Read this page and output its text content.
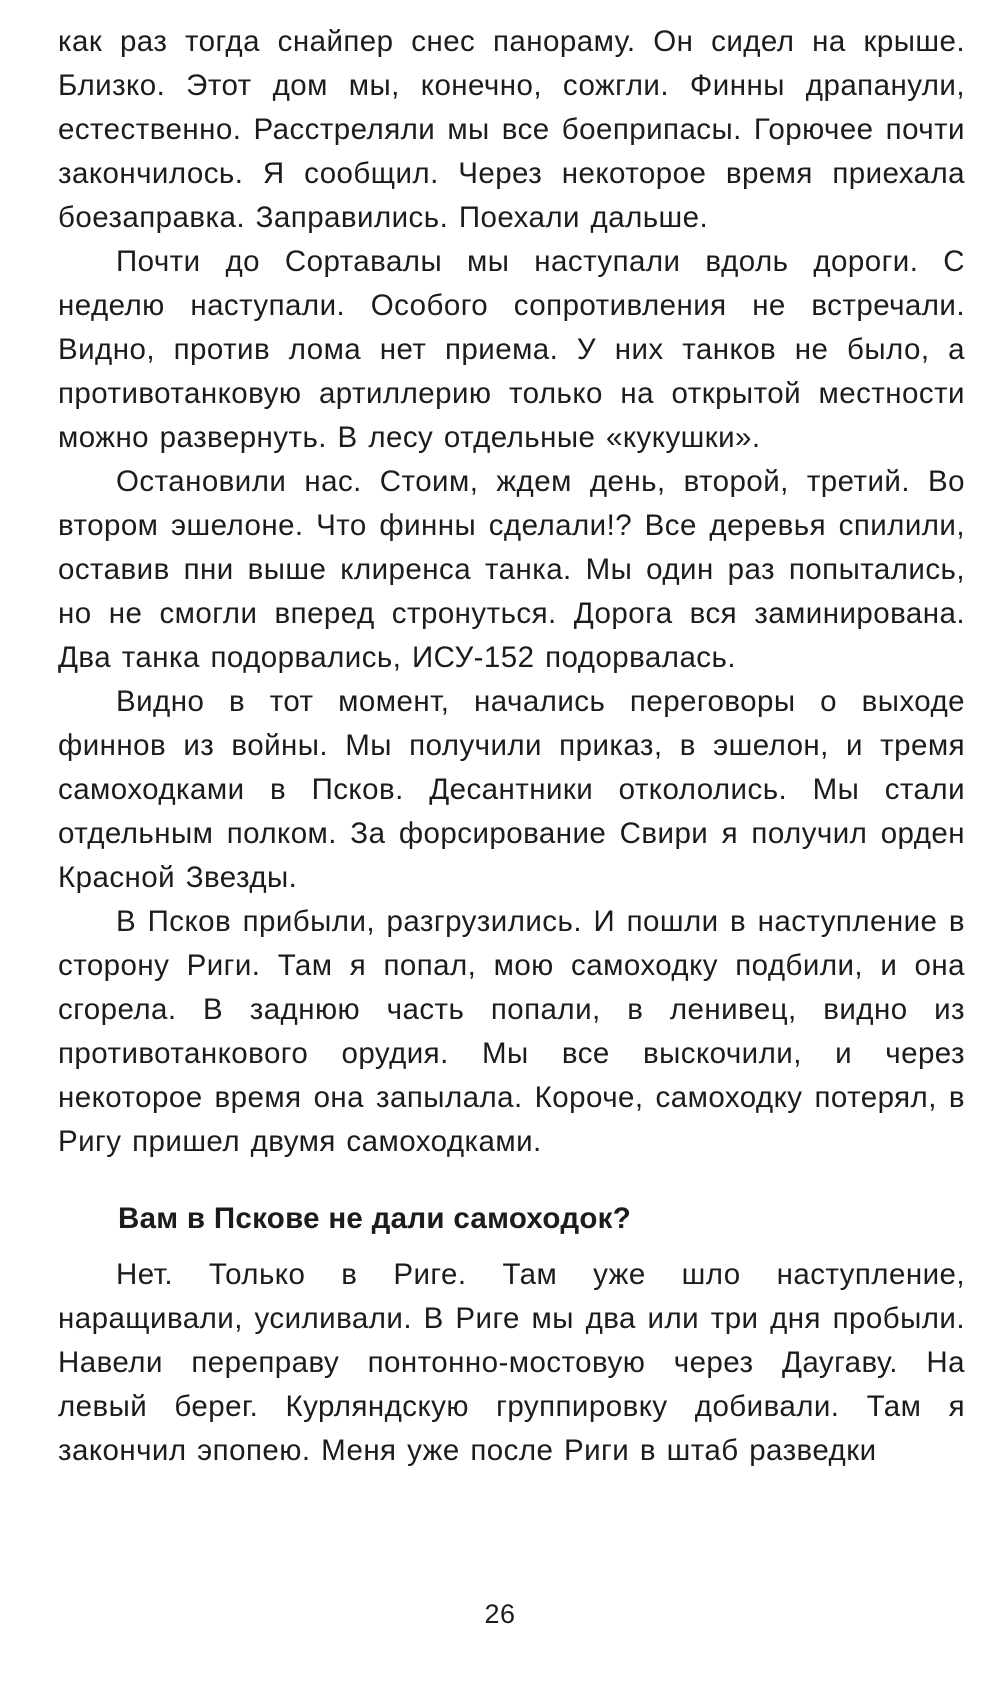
как раз тогда снайпер снес панораму. Он сидел на крыше. Близко. Этот дом мы, конечно, сожгли. Финны драпанули, естественно. Расстреляли мы все боеприпасы. Горючее почти закончилось. Я сообщил. Через некоторое время приехала боезаправка. Заправились. Поехали дальше.

Почти до Сортавалы мы наступали вдоль дороги. С неделю наступали. Особого сопротивления не встречали. Видно, против лома нет приема. У них танков не было, а противотанковую артиллерию только на открытой местности можно развернуть. В лесу отдельные «кукушки».

Остановили нас. Стоим, ждем день, второй, третий. Во втором эшелоне. Что финны сделали!? Все деревья спилили, оставив пни выше клиренса танка. Мы один раз попытались, но не смогли вперед стронуться. Дорога вся заминирована. Два танка подорвались, ИСУ-152 подорвалась.

Видно в тот момент, начались переговоры о выходе финнов из войны. Мы получили приказ, в эшелон, и тремя самоходками в Псков. Десантники откололись. Мы стали отдельным полком. За форсирование Свири я получил орден Красной Звезды.

В Псков прибыли, разгрузились. И пошли в наступление в сторону Риги. Там я попал, мою самоходку подбили, и она сгорела. В заднюю часть попали, в ленивец, видно из противотанкового орудия. Мы все выскочили, и через некоторое время она запылала. Короче, самоходку потерял, в Ригу пришел двумя самоходками.

Вам в Пскове не дали самоходок?

Нет. Только в Риге. Там уже шло наступление, наращивали, усиливали. В Риге мы два или три дня пробыли. Навели переправу понтонно-мостовую через Даугаву. На левый берег. Курляндскую группировку добивали. Там я закончил эпопею. Меня уже после Риги в штаб разведки

26
